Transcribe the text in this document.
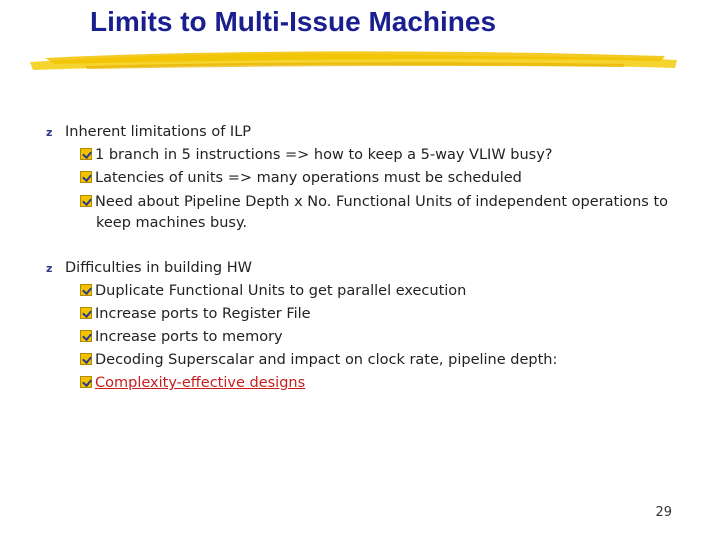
Limits to Multi-Issue Machines
z Inherent limitations of ILP
1 branch in 5 instructions => how to keep a 5-way VLIW busy?
Latencies of units => many operations must be scheduled
Need about Pipeline Depth x No. Functional Units of independent operations to
keep machines busy.
z Difficulties in building HW
Duplicate Functional Units to get parallel execution
Increase ports to Register File
Increase ports to memory
Decoding Superscalar and impact on clock rate, pipeline depth:
Complexity-effective designs
29
